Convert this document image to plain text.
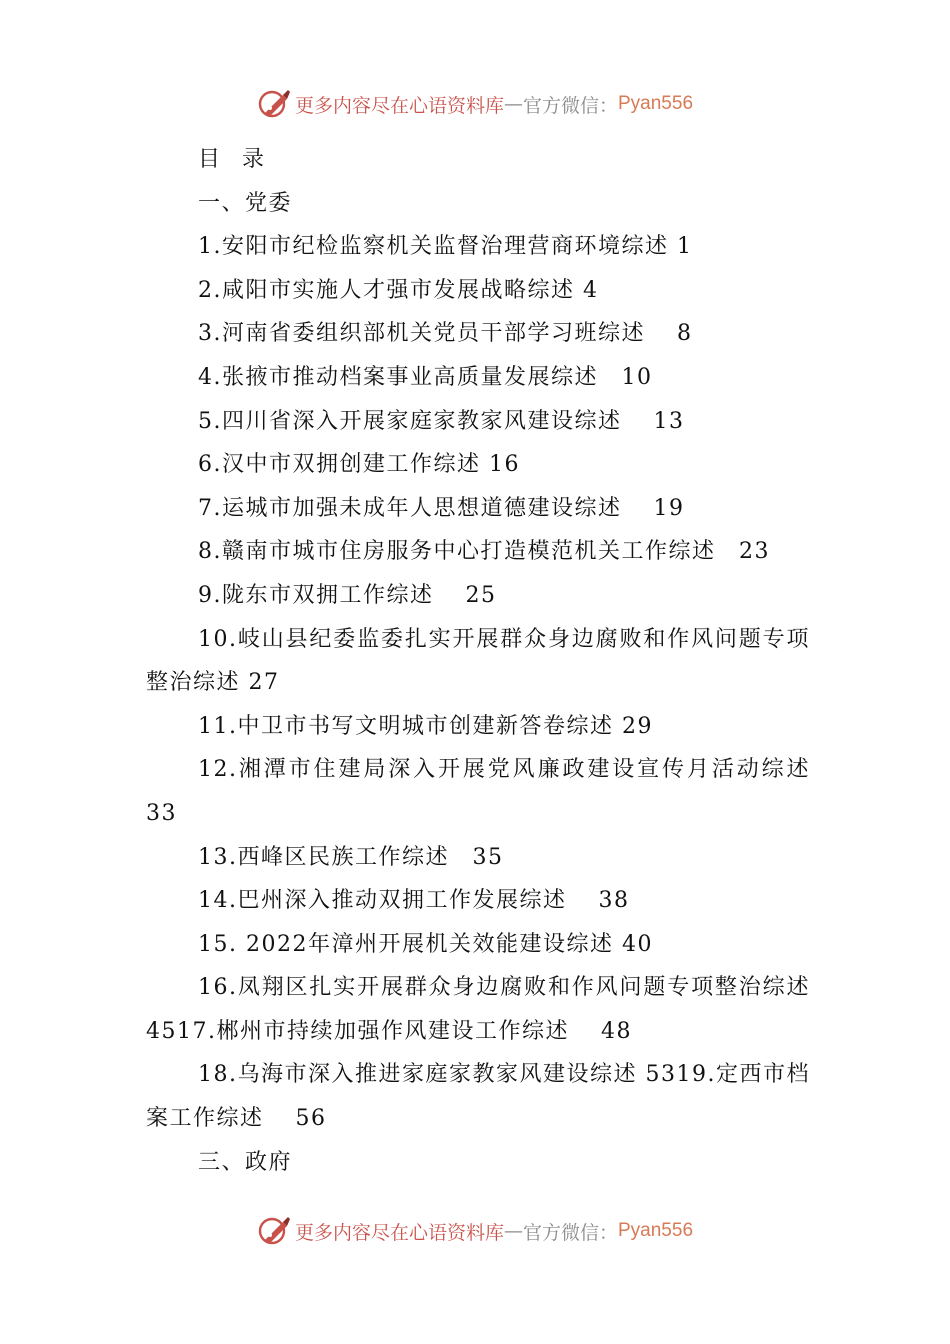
更多内容尽在心语资料库 — 官方微信： Pyan556

目录

一、党委

1.安阳市纪检监察机关监督治理营商环境综述 1

2.咸阳市实施人才强市发展战略综述 4

3.河南省委组织部机关党员干部学习班综述　 8

4.张掖市推动档案事业高质量发展综述　10

5.四川省深入开展家庭家教家风建设综述　 13

6.汉中市双拥创建工作综述 16

7.运城市加强未成年人思想道德建设综述　 19

8.赣南市城市住房服务中心打造模范机关工作综述　23

9.陇东市双拥工作综述　 25

10.岐山县纪委监委扎实开展群众身边腐败和作风问题专项整治综述 27

11.中卫市书写文明城市创建新答卷综述 29

12.湘潭市住建局深入开展党风廉政建设宣传月活动综述 33

13.西峰区民族工作综述　35

14.巴州深入推动双拥工作发展综述　 38

15. 2022年漳州开展机关效能建设综述 40

16.凤翔区扎实开展群众身边腐败和作风问题专项整治综述　4517.郴州市持续加强作风建设工作综述　 48

18.乌海市深入推进家庭家教家风建设综述 5319.定西市档案工作综述　 56

三、政府

更多内容尽在心语资料库 — 官方微信： Pyan556
